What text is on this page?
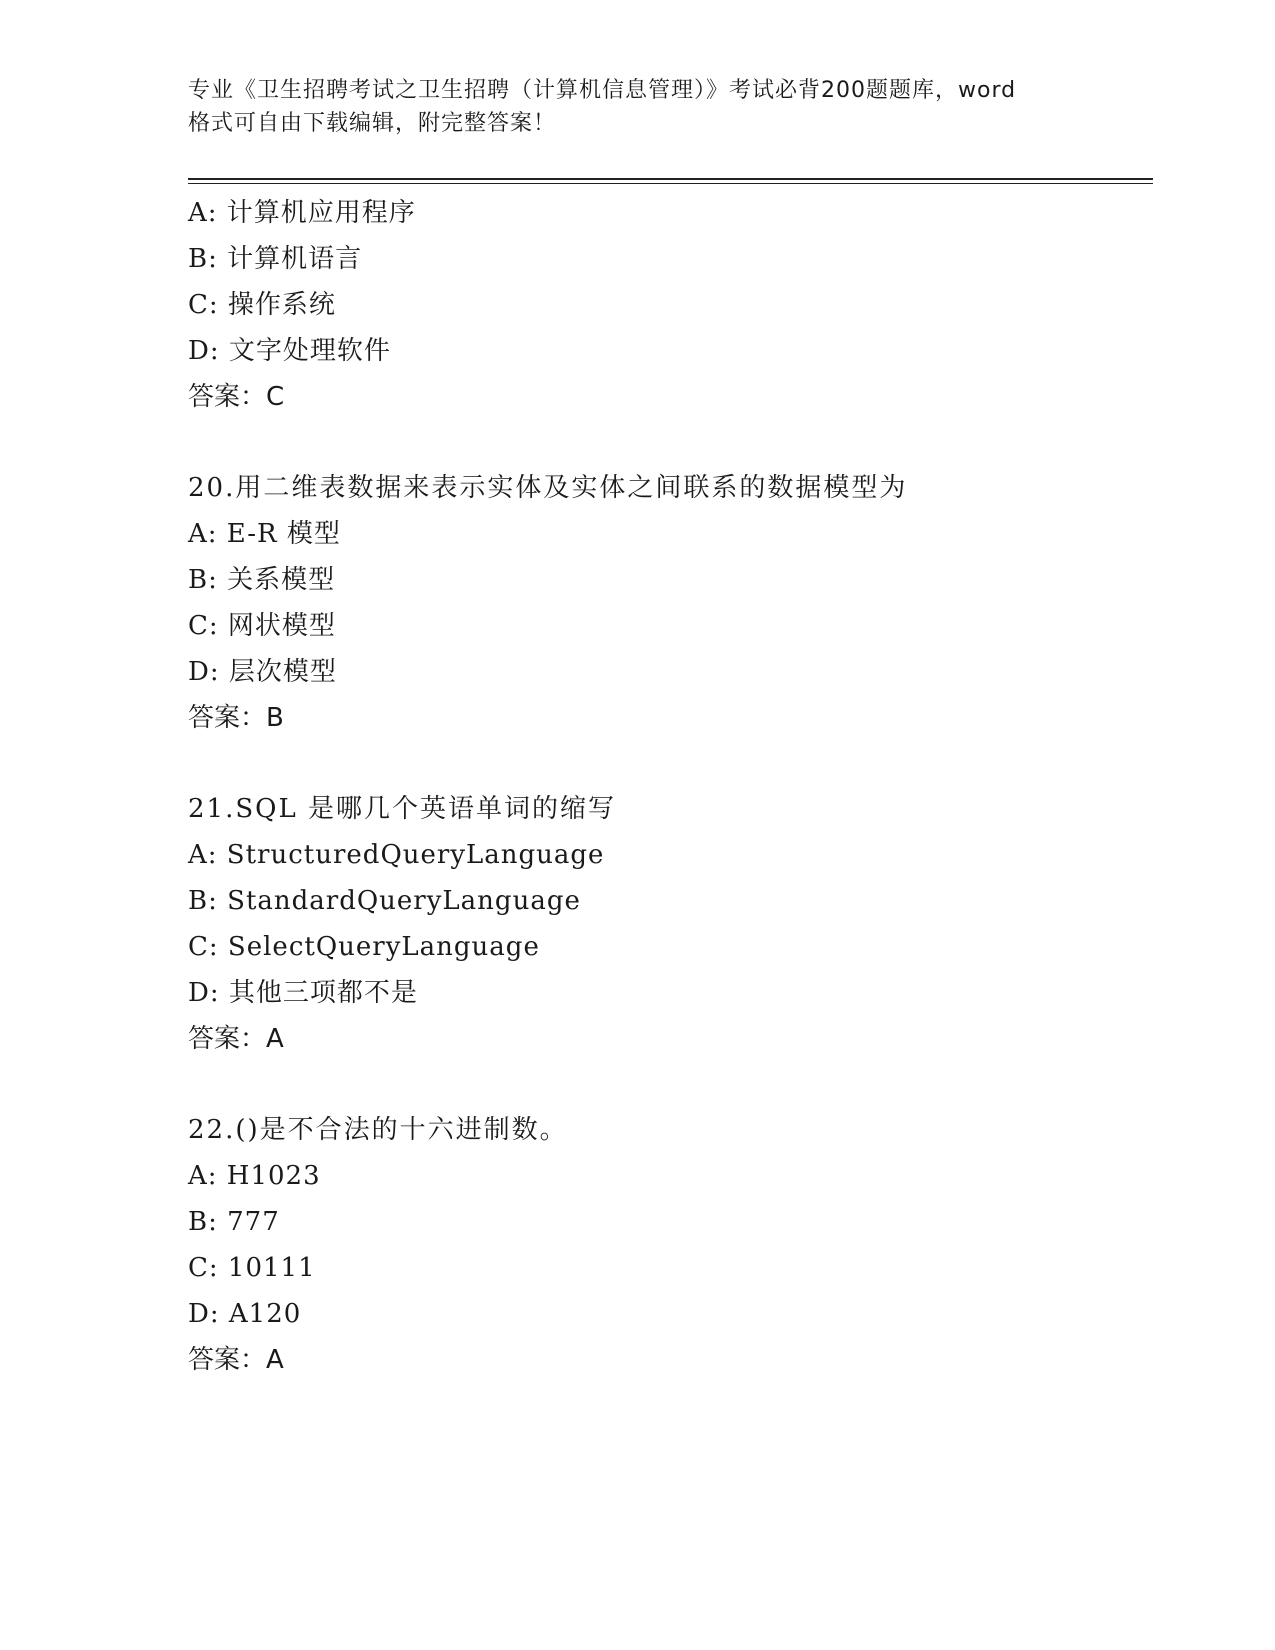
专业《卫生招聘考试之卫生招聘（计算机信息管理）》考试必背200题题库，word
格式可自由下载编辑，附完整答案！
A: 计算机应用程序
B: 计算机语言
C: 操作系统
D: 文字处理软件
答案：C
20.用二维表数据来表示实体及实体之间联系的数据模型为
A: E-R 模型
B: 关系模型
C: 网状模型
D: 层次模型
答案：B
21.SQL 是哪几个英语单词的缩写
A: StructuredQueryLanguage
B: StandardQueryLanguage
C: SelectQueryLanguage
D: 其他三项都不是
答案：A
22.()是不合法的十六进制数。
A: H1023
B: 777
C: 10111
D: A120
答案：A
